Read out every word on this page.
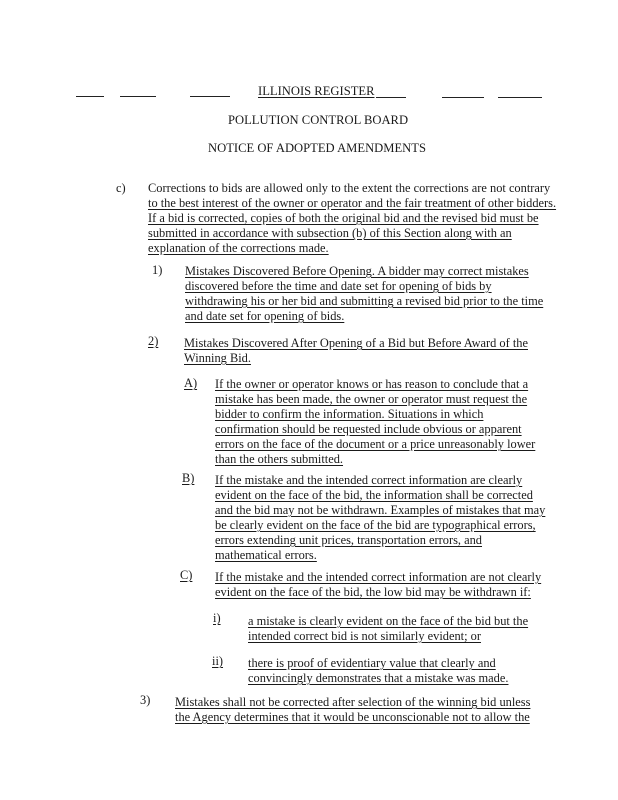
ILLINOIS REGISTER
POLLUTION CONTROL BOARD
NOTICE OF ADOPTED AMENDMENTS
c) Corrections to bids are allowed only to the extent the corrections are not contrary
to the best interest of the owner or operator and the fair treatment of other bidders.
If a bid is corrected, copies of both the original bid and the revised bid must be
submitted in accordance with subsection (b) of this Section along with an
explanation of the corrections made.
1) Mistakes Discovered Before Opening. A bidder may correct mistakes
discovered before the time and date set for opening of bids by
withdrawing his or her bid and submitting a revised bid prior to the time
and date set for opening of bids.
2) Mistakes Discovered After Opening of a Bid but Before Award of the
Winning Bid.
A) If the owner or operator knows or has reason to conclude that a
mistake has been made, the owner or operator must request the
bidder to confirm the information. Situations in which
confirmation should be requested include obvious or apparent
errors on the face of the document or a price unreasonably lower
than the others submitted.
B) If the mistake and the intended correct information are clearly
evident on the face of the bid, the information shall be corrected
and the bid may not be withdrawn. Examples of mistakes that may
be clearly evident on the face of the bid are typographical errors,
errors extending unit prices, transportation errors, and
mathematical errors.
C) If the mistake and the intended correct information are not clearly
evident on the face of the bid, the low bid may be withdrawn if:
i) a mistake is clearly evident on the face of the bid but the
intended correct bid is not similarly evident; or
ii) there is proof of evidentiary value that clearly and
convincingly demonstrates that a mistake was made.
3) Mistakes shall not be corrected after selection of the winning bid unless
the Agency determines that it would be unconscionable not to allow the
